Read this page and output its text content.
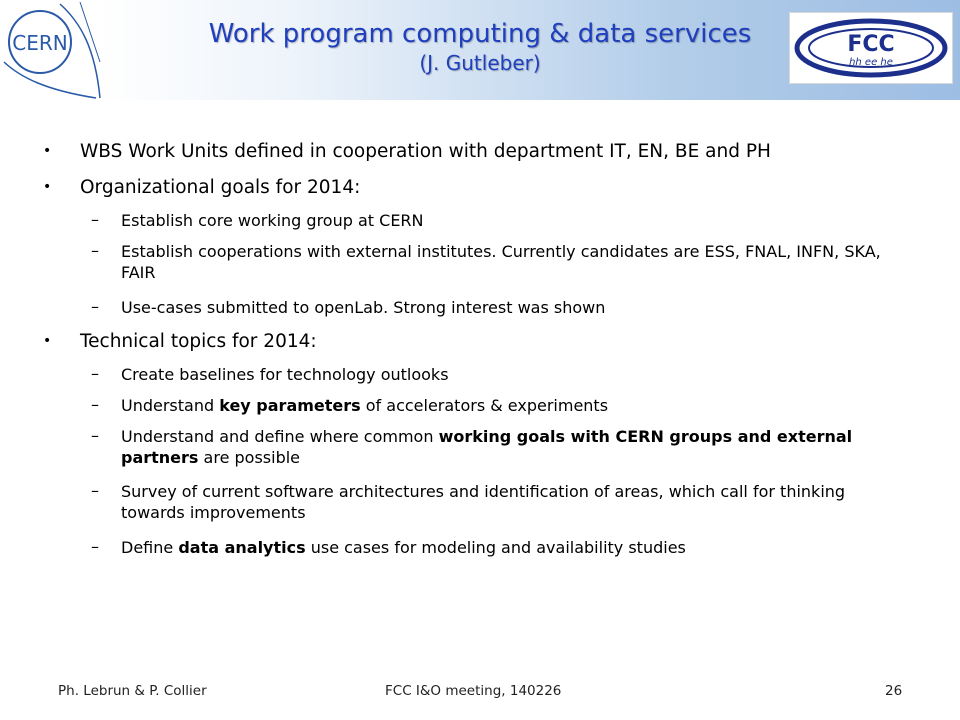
CERN	FCC
hh ee he
Work program computing & data services
(J. Gutleber)
• WBS Work Units defined in cooperation with department IT, EN, BE and PH
• Organizational goals for 2014:
– Establish core working group at CERN
– Establish cooperations with external institutes. Currently candidates are ESS, FNAL, INFN, SKA, FAIR
– Use-cases submitted to openLab. Strong interest was shown
• Technical topics for 2014:
– Create baselines for technology outlooks
– Understand key parameters of accelerators & experiments
– Understand and define where common working goals with CERN groups and external partners are possible
– Survey of current software architectures and identification of areas, which call for thinking towards improvements
– Define data analytics use cases for modeling and availability studies
Ph. Lebrun & P. Collier	FCC I&O meeting, 140226	26
